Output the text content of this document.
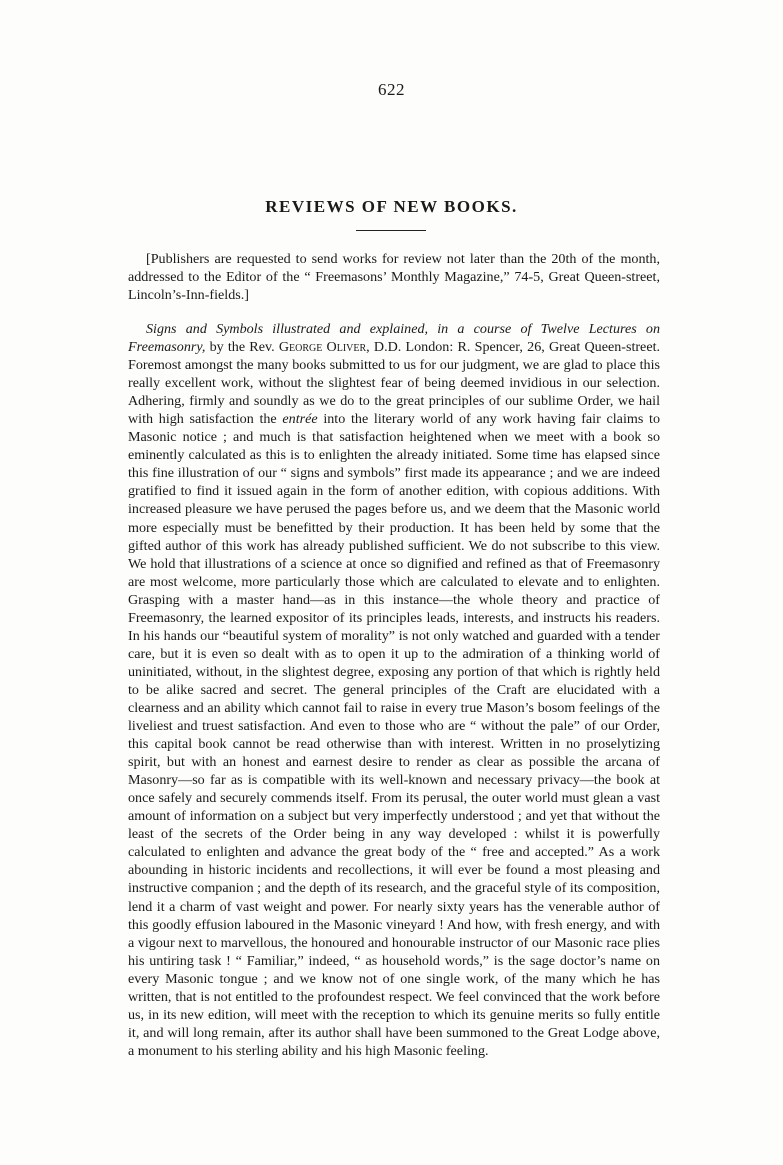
622
REVIEWS OF NEW BOOKS.

[Publishers are requested to send works for review not later than the 20th of the month, addressed to the Editor of the “ Freemasons’ Monthly Magazine,” 74-5, Great Queen-street, Lincoln’s-Inn-fields.]

Signs and Symbols illustrated and explained, in a course of Twelve Lectures on Freemasonry, by the Rev. George Oliver, D.D. London: R. Spencer, 26, Great Queen-street. Foremost amongst the many books submitted to us for our judgment, we are glad to place this really excellent work, without the slightest fear of being deemed invidious in our selection. Adhering, firmly and soundly as we do to the great principles of our sublime Order, we hail with high satisfaction the entrée into the literary world of any work having fair claims to Masonic notice ; and much is that satisfaction heightened when we meet with a book so eminently calculated as this is to enlighten the already initiated. Some time has elapsed since this fine illustration of our “ signs and symbols” first made its appearance ; and we are indeed gratified to find it issued again in the form of another edition, with copious additions. With increased pleasure we have perused the pages before us, and we deem that the Masonic world more especially must be benefitted by their production. It has been held by some that the gifted author of this work has already published sufficient. We do not subscribe to this view. We hold that illustrations of a science at once so dignified and refined as that of Freemasonry are most welcome, more particularly those which are calculated to elevate and to enlighten. Grasping with a master hand—as in this instance—the whole theory and practice of Freemasonry, the learned expositor of its principles leads, interests, and instructs his readers. In his hands our “beautiful system of morality” is not only watched and guarded with a tender care, but it is even so dealt with as to open it up to the admiration of a thinking world of uninitiated, without, in the slightest degree, exposing any portion of that which is rightly held to be alike sacred and secret. The general principles of the Craft are elucidated with a clearness and an ability which cannot fail to raise in every true Mason’s bosom feelings of the liveliest and truest satisfaction. And even to those who are “ without the pale” of our Order, this capital book cannot be read otherwise than with interest. Written in no proselytizing spirit, but with an honest and earnest desire to render as clear as possible the arcana of Masonry—so far as is compatible with its well-known and necessary privacy—the book at once safely and securely commends itself. From its perusal, the outer world must glean a vast amount of information on a subject but very imperfectly understood ; and yet that without the least of the secrets of the Order being in any way developed : whilst it is powerfully calculated to enlighten and advance the great body of the “ free and accepted.” As a work abounding in historic incidents and recollections, it will ever be found a most pleasing and instructive companion ; and the depth of its research, and the graceful style of its composition, lend it a charm of vast weight and power. For nearly sixty years has the venerable author of this goodly effusion laboured in the Masonic vineyard ! And how, with fresh energy, and with a vigour next to marvellous, the honoured and honourable instructor of our Masonic race plies his untiring task ! “ Familiar,” indeed, “ as household words,” is the sage doctor’s name on every Masonic tongue ; and we know not of one single work, of the many which he has written, that is not entitled to the profoundest respect. We feel convinced that the work before us, in its new edition, will meet with the reception to which its genuine merits so fully entitle it, and will long remain, after its author shall have been summoned to the Great Lodge above, a monument to his sterling ability and his high Masonic feeling.
